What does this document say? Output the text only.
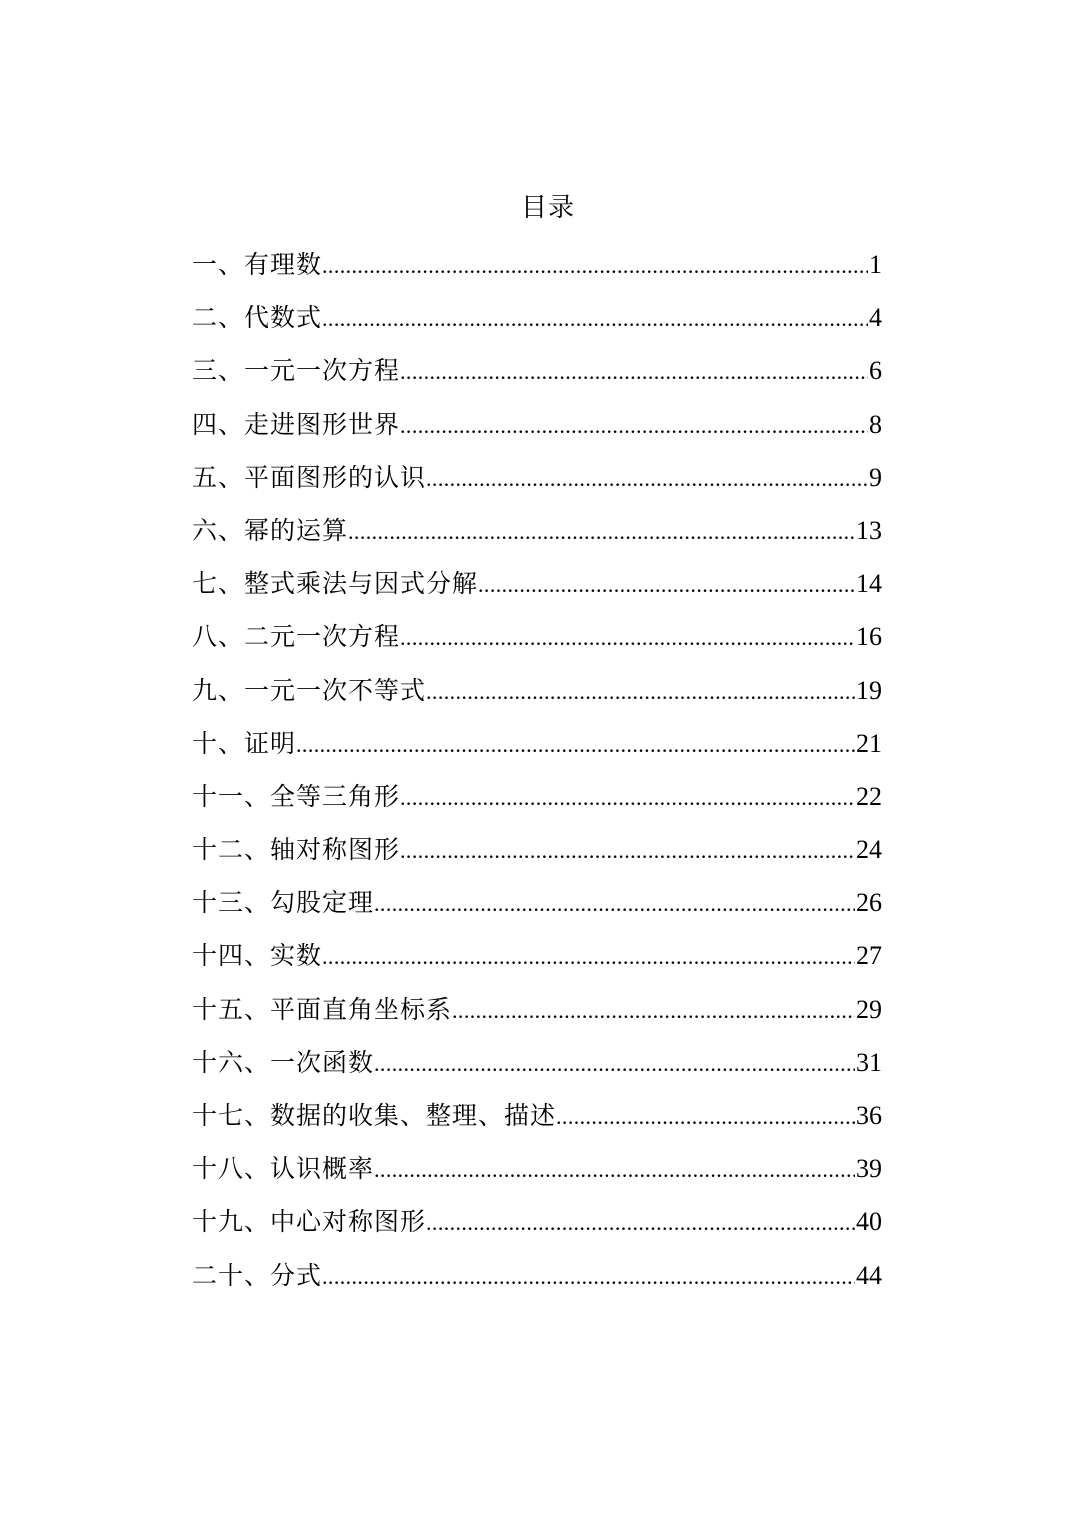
目录
一、有理数 .....	1
二、代数式 .....	4
三、一元一次方程 .....	6
四、走进图形世界 .....	8
五、平面图形的认识 .....	9
六、幂的运算 .....	13
七、整式乘法与因式分解 .....	14
八、二元一次方程 .....	16
九、一元一次不等式 .....	19
十、证明 .....	21
十一、全等三角形 .....	22
十二、轴对称图形 .....	24
十三、勾股定理 .....	26
十四、实数 .....	27
十五、平面直角坐标系 .....	29
十六、一次函数 .....	31
十七、数据的收集、整理、描述 .....	36
十八、认识概率 .....	39
十九、中心对称图形 .....	40
二十、分式 .....	44
